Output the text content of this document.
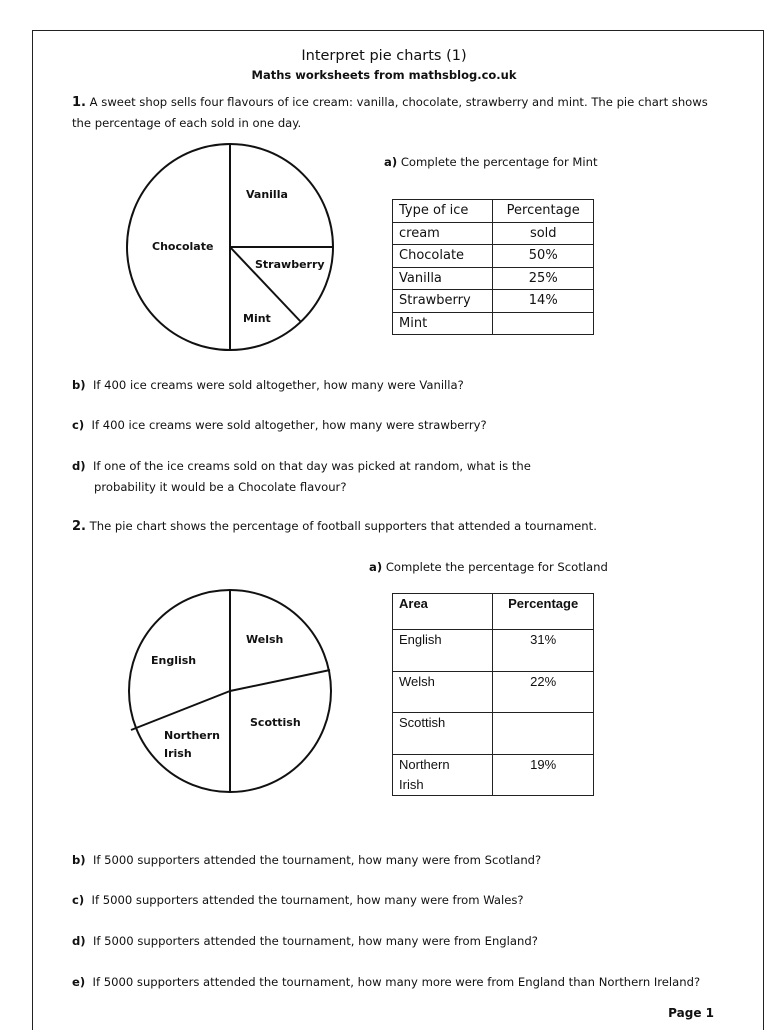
Interpret pie charts (1)
Maths worksheets from mathsblog.co.uk
1. A sweet shop sells four flavours of ice cream: vanilla, chocolate, strawberry and mint. The pie chart shows
the percentage of each sold in one day.
Chocolate
Vanilla
Strawberry
Mint
a) Complete the percentage for Mint
Type of ice	Percentage
cream	sold
Chocolate	50%
Vanilla	25%
Strawberry	14%
Mint	
b) If 400 ice creams were sold altogether, how many were Vanilla?
c) If 400 ice creams were sold altogether, how many were strawberry?
d) If one of the ice creams sold on that day was picked at random, what is the
probability it would be a Chocolate flavour?
2. The pie chart shows the percentage of football supporters that attended a tournament.
a) Complete the percentage for Scotland
English
Welsh
Scottish
Northern
Irish
Area	Percentage
English	31%
Welsh	22%
Scottish	
Northern
Irish	19%
b) If 5000 supporters attended the tournament, how many were from Scotland?
c) If 5000 supporters attended the tournament, how many were from Wales?
d) If 5000 supporters attended the tournament, how many were from England?
e) If 5000 supporters attended the tournament, how many more were from England than Northern Ireland?
Page 1
